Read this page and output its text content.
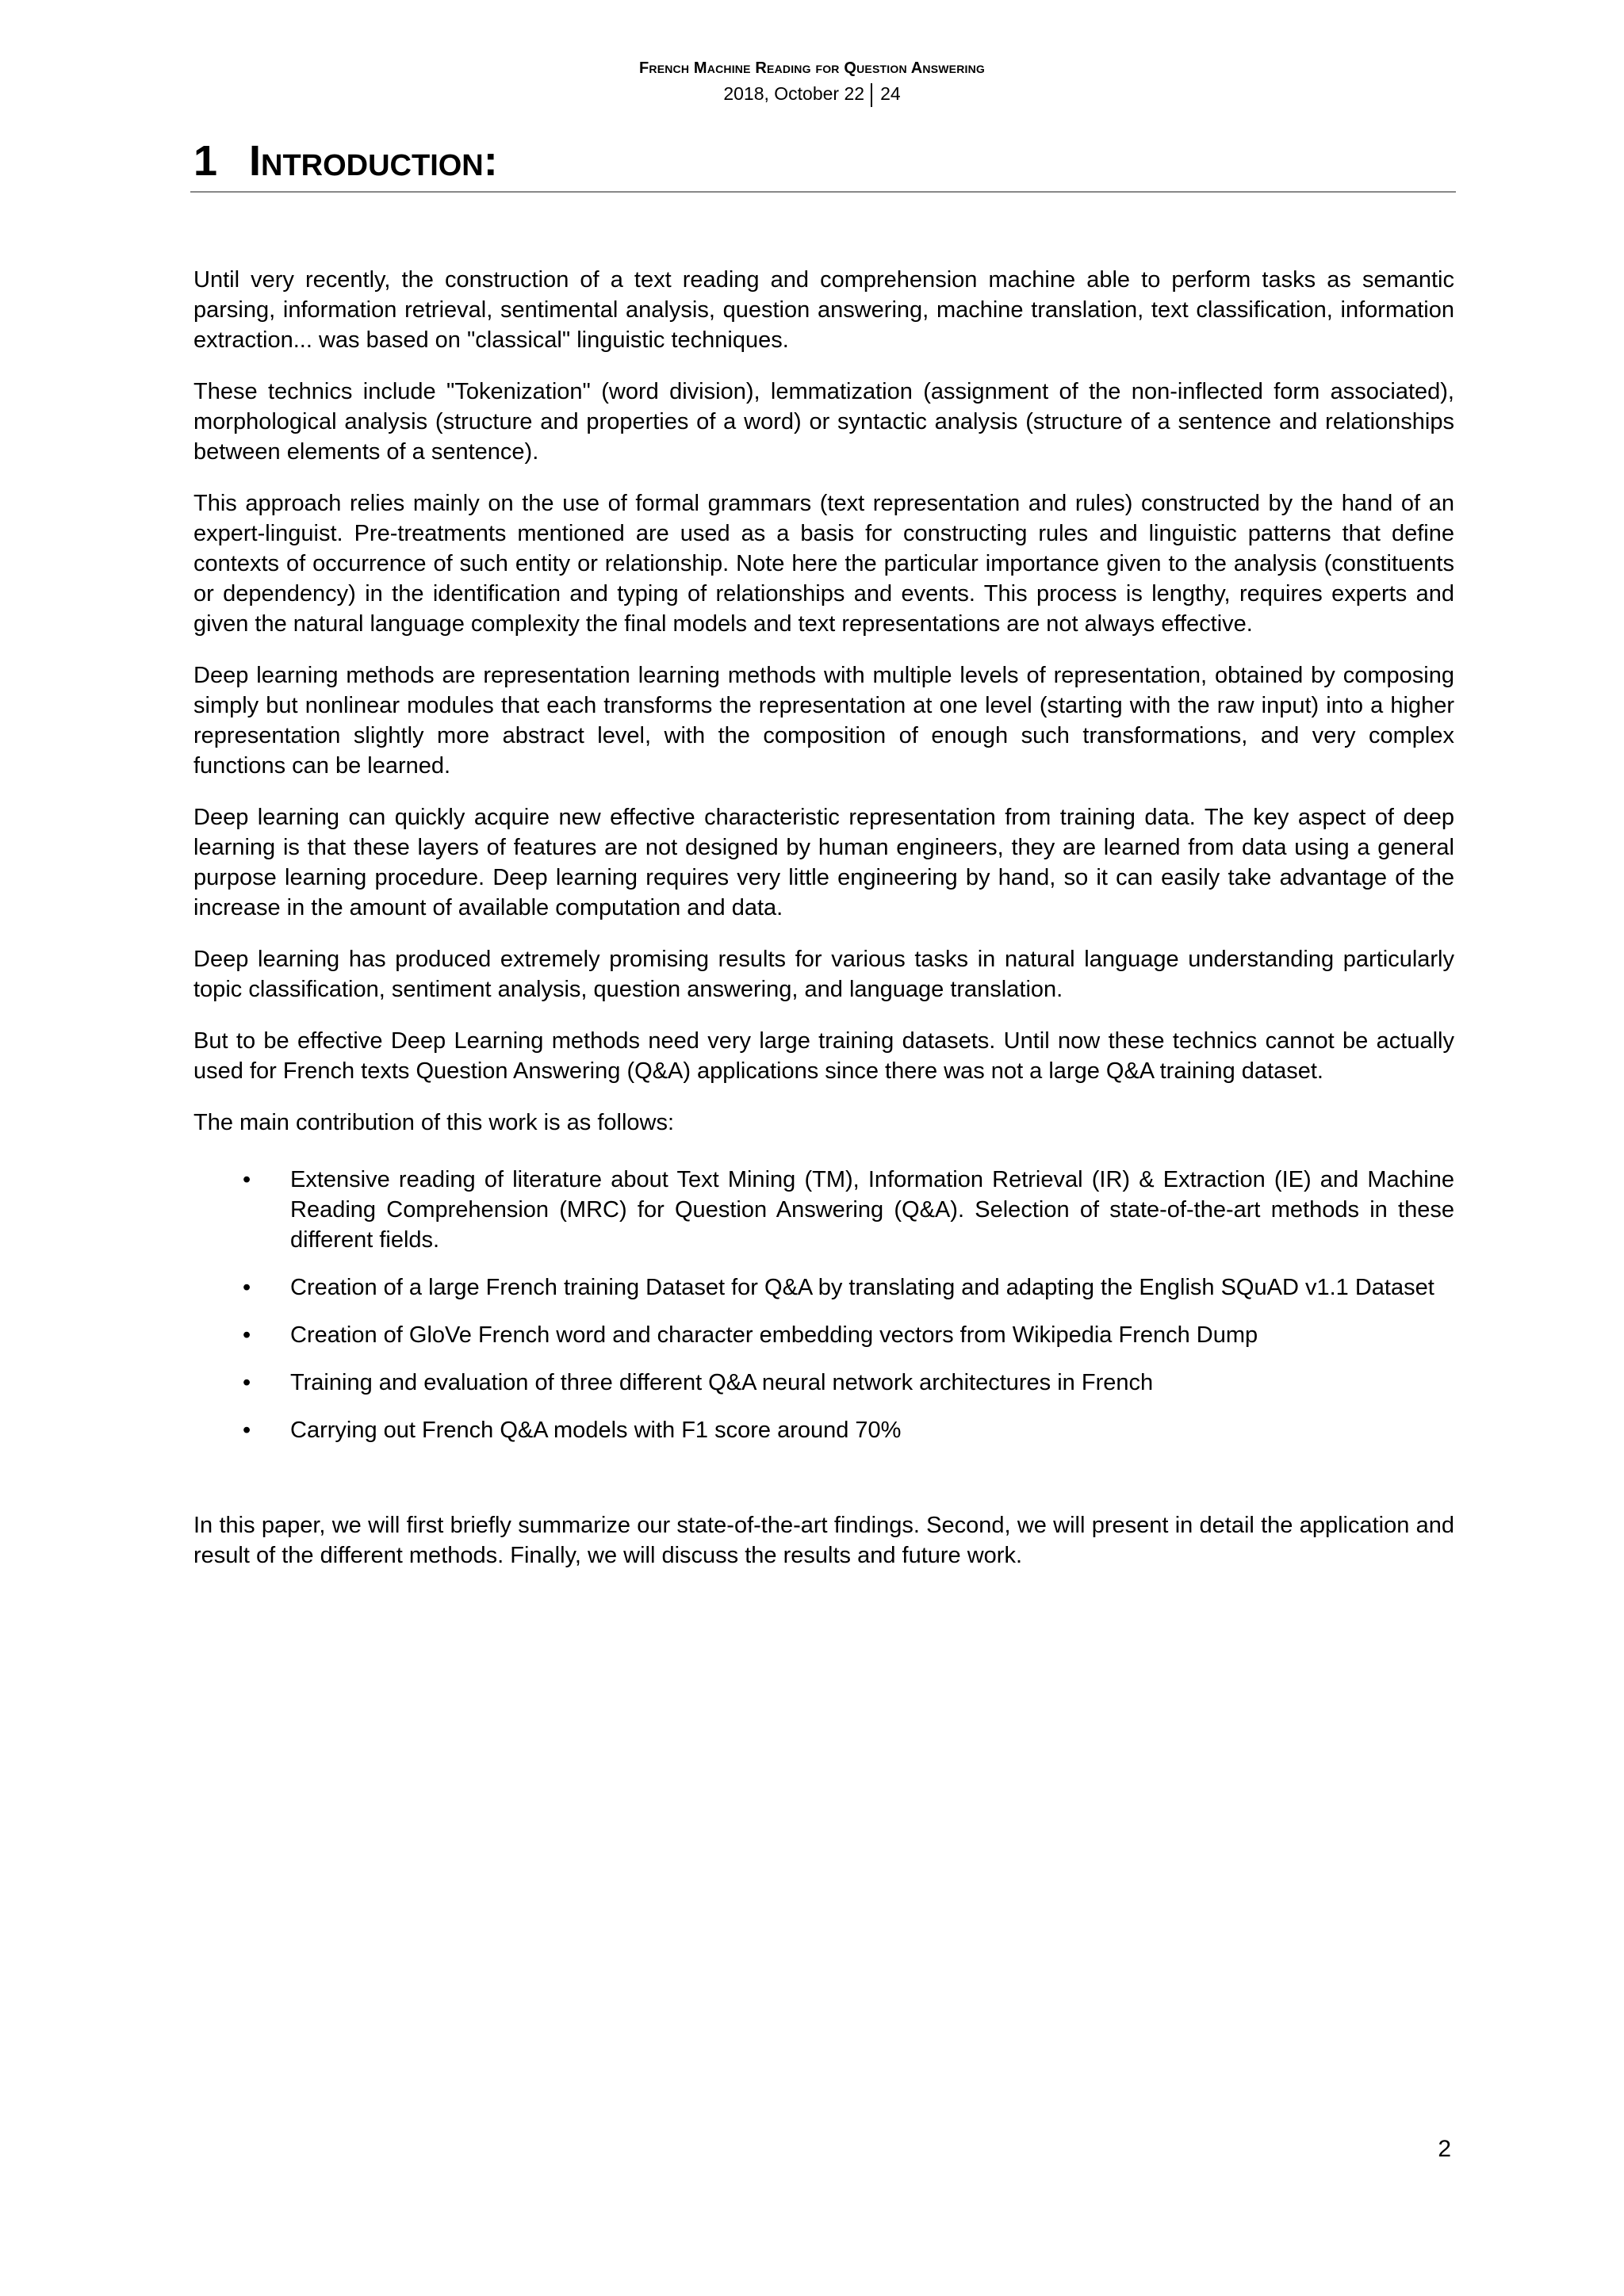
French Machine Reading for Question Answering
2018, October 22 24
1 Introduction:

Until very recently, the construction of a text reading and comprehension machine able to perform tasks as semantic parsing, information retrieval, sentimental analysis, question answering, machine translation, text classification, information extraction... was based on "classical" linguistic techniques.

These technics include "Tokenization" (word division), lemmatization (assignment of the non-inflected form associated), morphological analysis (structure and properties of a word) or syntactic analysis (structure of a sentence and relationships between elements of a sentence).

This approach relies mainly on the use of formal grammars (text representation and rules) constructed by the hand of an expert-linguist. Pre-treatments mentioned are used as a basis for constructing rules and linguistic patterns that define contexts of occurrence of such entity or relationship. Note here the particular importance given to the analysis (constituents or dependency) in the identification and typing of relationships and events. This process is lengthy, requires experts and given the natural language complexity the final models and text representations are not always effective.

Deep learning methods are representation learning methods with multiple levels of representation, obtained by composing simply but nonlinear modules that each transforms the representation at one level (starting with the raw input) into a higher representation slightly more abstract level, with the composition of enough such transformations, and very complex functions can be learned.

Deep learning can quickly acquire new effective characteristic representation from training data. The key aspect of deep learning is that these layers of features are not designed by human engineers, they are learned from data using a general purpose learning procedure. Deep learning requires very little engineering by hand, so it can easily take advantage of the increase in the amount of available computation and data.

Deep learning has produced extremely promising results for various tasks in natural language understanding particularly topic classification, sentiment analysis, question answering, and language translation.

But to be effective Deep Learning methods need very large training datasets. Until now these technics cannot be actually used for French texts Question Answering (Q&A) applications since there was not a large Q&A training dataset.

The main contribution of this work is as follows:

• Extensive reading of literature about Text Mining (TM), Information Retrieval (IR) & Extraction (IE) and Machine Reading Comprehension (MRC) for Question Answering (Q&A). Selection of state-of-the-art methods in these different fields.
• Creation of a large French training Dataset for Q&A by translating and adapting the English SQuAD v1.1 Dataset
• Creation of GloVe French word and character embedding vectors from Wikipedia French Dump
• Training and evaluation of three different Q&A neural network architectures in French
• Carrying out French Q&A models with F1 score around 70%

In this paper, we will first briefly summarize our state-of-the-art findings. Second, we will present in detail the application and result of the different methods. Finally, we will discuss the results and future work.

2
